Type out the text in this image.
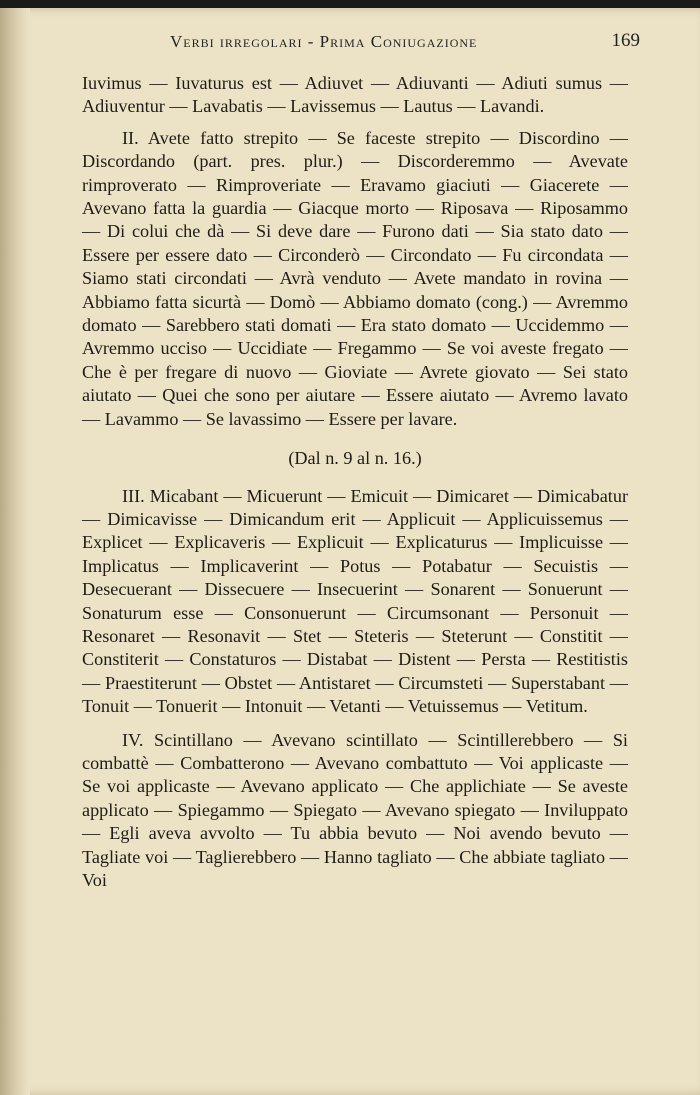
Verbi irregolari - Prima Coniugazione	169

Iuvimus — Iuvaturus est — Adiuvet — Adiuvanti — Adiuti sumus — Adiuventur — Lavabatis — Lavissemus — Lautus — Lavandi.

II. Avete fatto strepito — Se faceste strepito — Discordino — Discordando (part. pres. plur.) — Discorderemmo — Avevate rimproverato — Rimproveriate — Eravamo giaciuti — Giacerete — Avevano fatta la guardia — Giacque morto — Riposava — Riposammo — Di colui che dà — Si deve dare — Furono dati — Sia stato dato — Essere per essere dato — Circonderò — Circondato — Fu circondata — Siamo stati circondati — Avrà venduto — Avete mandato in rovina — Abbiamo fatta sicurtà — Domò — Abbiamo domato (cong.) — Avremmo domato — Sarebbero stati domati — Era stato domato — Uccidemmo — Avremmo ucciso — Uccidiate — Fregammo — Se voi aveste fregato — Che è per fregare di nuovo — Gioviate — Avrete giovato — Sei stato aiutato — Quei che sono per aiutare — Essere aiutato — Avremo lavato — Lavammo — Se lavassimo — Essere per lavare.

(Dal n. 9 al n. 16.)

III. Micabant — Micuerunt — Emicuit — Dimicaret — Dimicabatur — Dimicavisse — Dimicandum erit — Applicuit — Applicuissemus — Explicet — Explicaveris — Explicuit — Explicaturus — Implicuisse — Implicatus — Implicaverint — Potus — Potabatur — Secuistis — Desecuerant — Dissecuere — Insecuerint — Sonarent — Sonuerunt — Sonaturum esse — Consonuerunt — Circumsonant — Personuit — Resonaret — Resonavit — Stet — Steteris — Steterunt — Constitit — Constiterit — Constaturos — Distabat — Distent — Persta — Restitistis — Praestiterunt — Obstet — Antistaret — Circumsteti — Superstabant — Tonuit — Tonuerit — Intonuit — Vetanti — Vetuissemus — Vetitum.

IV. Scintillano — Avevano scintillato — Scintillerebbero — Si combattè — Combatterono — Avevano combattuto — Voi applicaste — Se voi applicaste — Avevano applicato — Che applichiate — Se aveste applicato — Spiegammo — Spiegato — Avevano spiegato — Inviluppato — Egli aveva avvolto — Tu abbia bevuto — Noi avendo bevuto — Tagliate voi — Taglierebbero — Hanno tagliato — Che abbiate tagliato — Voi
